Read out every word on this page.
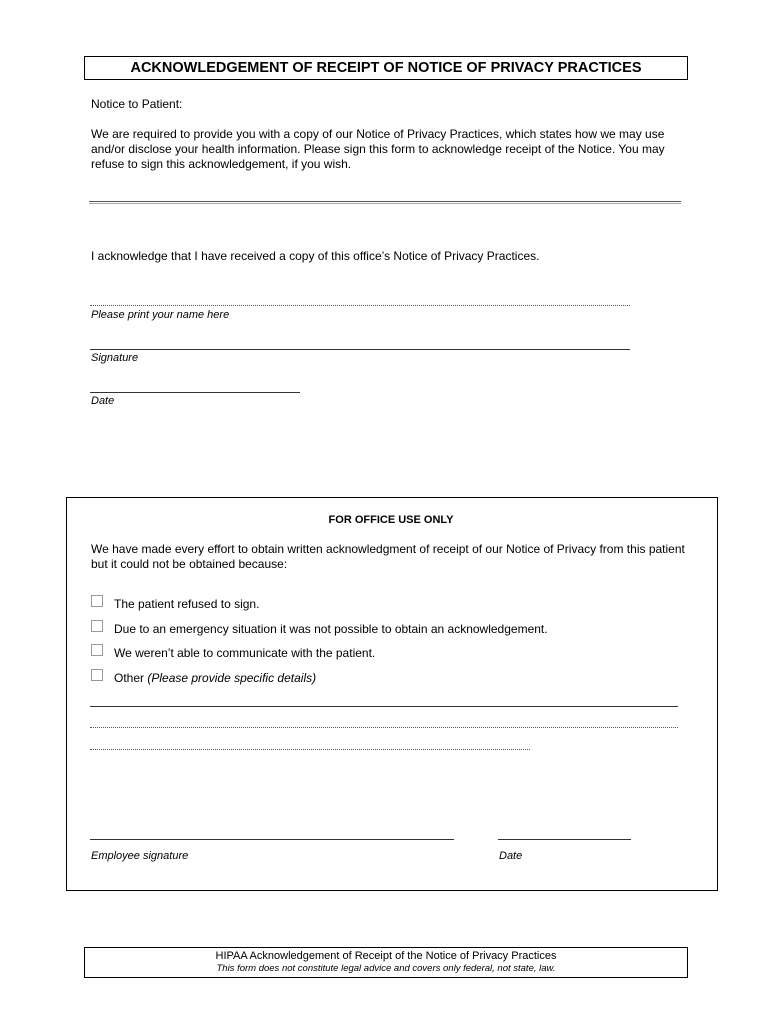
ACKNOWLEDGEMENT OF RECEIPT OF NOTICE OF PRIVACY PRACTICES
Notice to Patient:
We are required to provide you with a copy of our Notice of Privacy Practices, which states how we may use and/or disclose your health information. Please sign this form to acknowledge receipt of the Notice. You may refuse to sign this acknowledgement, if you wish.
I acknowledge that I have received a copy of this office’s Notice of Privacy Practices.
Please print your name here
Signature
Date
FOR OFFICE USE ONLY
We have made every effort to obtain written acknowledgment of receipt of our Notice of Privacy from this patient but it could not be obtained because:
The patient refused to sign.
Due to an emergency situation it was not possible to obtain an acknowledgement.
We weren’t able to communicate with the patient.
Other (Please provide specific details)
Employee signature	Date
HIPAA Acknowledgement of Receipt of the Notice of Privacy Practices
This form does not constitute legal advice and covers only federal, not state, law.
